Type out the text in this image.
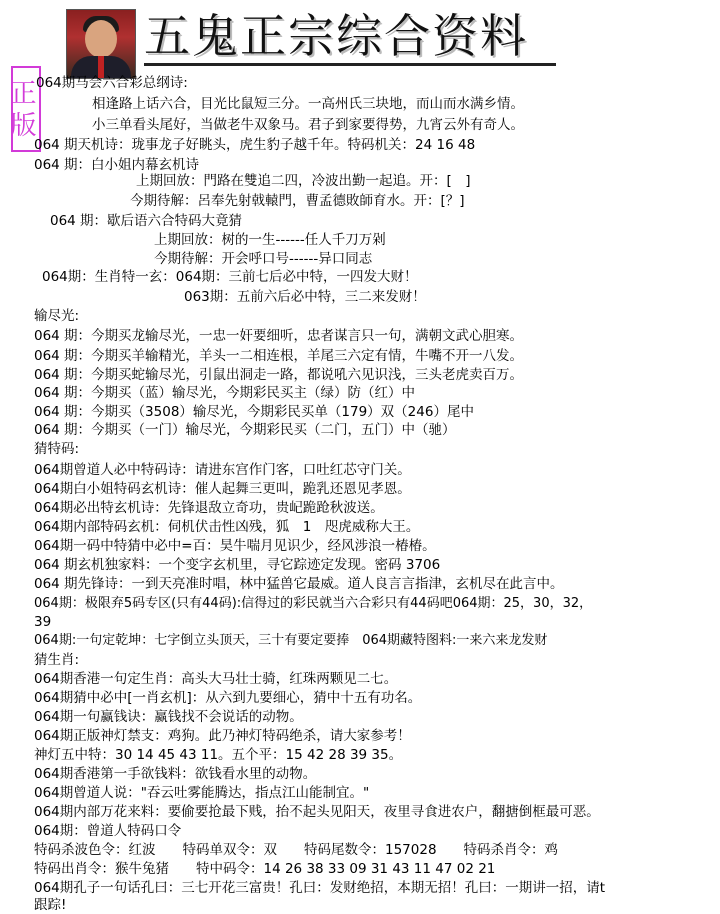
五鬼正宗综合资料
正版 064期马会六合彩总纲诗:
相逢路上话六合，目光比鼠短三分。一高州氏三块地，而山而水满乡情。
小三单看头尾好，当做老牛双象马。君子到家要得势，九宵云外有奇人。
064 期天机诗：珑事龙子好眺头，虎生豹子越千年。特码机关：24 16 48
064 期：白小姐内幕玄机诗
上期回放：門路在雙追二四，冷波出勤一起追。开：[　]
今期待解：呂奉先射戟轅門，曹孟德敗師育水。开：[？]
064 期：歇后语六合特码大竟猜
上期回放：树的一生------任人千刀万剁
今期待解：开会呼口号------异口同志
064期：生肖特一玄：064期：三前七后必中特，一四发大财！
063期：五前六后必中特，三二来发财！
输尽光:
064 期：今期买龙输尽光，一忠一奸要细听，忠者谋言只一句，满朝文武心胆寒。
064 期：今期买羊输精光，羊头一二相连根，羊尾三六定有情，牛嘴不开一八发。
064 期：今期买蛇输尽光，引鼠出洞走一路，都说吼六见识浅，三头老虎卖百万。
064 期：今期买（蓝）输尽光，今期彩民买主（绿）防（红）中
064 期：今期买（3508）输尽光，今期彩民买单（179）双（246）尾中
064 期：今期买（一门）输尽光，今期彩民买（二门，五门）中（驰）
猜特码:
064期曾道人必中特码诗：请进东宫作门客，口吐红芯守门关。
064期白小姐特码玄机诗：催人起舞三更叫，跪乳还恩见孝恩。
064期必出特玄机诗：先锋退敌立奇功，贵屺跪跄秋波送。
064期内部特码玄机：伺机伏击性凶残，狐　1　咫虎威称大王。
064期一码中特猜中必中=百：昊牛喘月见识少，经风涉浪一椿椿。
064 期玄机独家料：一个变字玄机里，寻它踪迹定发现。密码 3706
064 期先锋诗：一到天亮准时唱，林中猛兽它最威。道人良言言指津，玄机尽在此言中。
064期：极限弃5码专区(只有44码):信得过的彩民就当六合彩只有44码吧064期：25，30，32，
39
064期:一句定乾坤：七字倒立头顶天，三十有要定要捧　064期藏特图料:一来六来龙发财
猜生肖:
064期香港一句定生肖：高头大马壮士骑，红珠两颗见二七。
064期猜中必中[一肖玄机]：从六到九要细心，猜中十五有功名。
064期一句赢钱诀：赢钱找不会说话的动物。
064期正版神灯禁支：鸡狗。此乃神灯特码绝杀，请大家参考！
神灯五中特：30 14 45 43 11。五个平：15 42 28 39 35。
064期香港第一手欲钱料：欲钱看水里的动物。
064期曾道人说："吞云吐雾能腾达，指点江山能制宜。"
064期内部万花来料：要偷要抢最下贱，抬不起头见阳天，夜里寻食进农户，翻搪倒框最可恶。
064期：曾道人特码口令
特码杀波色令：红波　　特码单双令：双　　特码尾数令：157028　　特码杀肖令：鸡
特码出肖令：猴牛兔猪　　特中码令：14 26 38 33 09 31 43 11 47 02 21
064期孔子一句话孔曰：三七开花三富贵！孔曰：发财绝招，本期无招！孔曰：一期讲一招，请t
跟踪!
